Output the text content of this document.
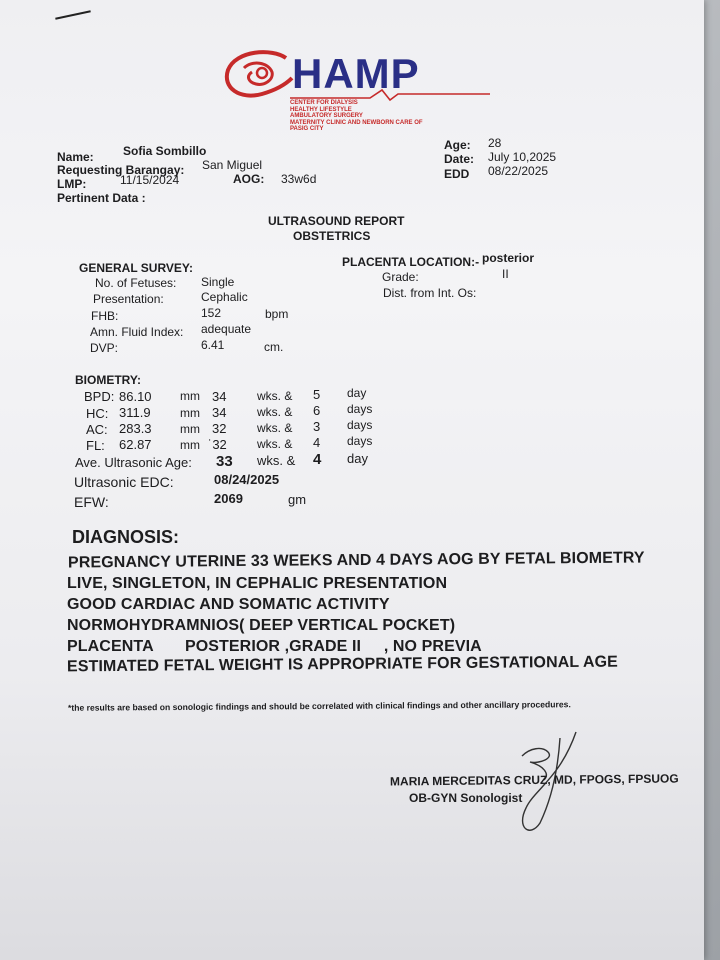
HAMP
CENTER FOR DIALYSIS
HEALTHY LIFESTYLE
AMBULATORY SURGERY
MATERNITY CLINIC AND NEWBORN CARE OF
PASIG CITY
Name: Sofia Sombillo
Requesting Barangay: San Miguel
LMP:	11/15/2024	AOG: 33w6d
Pertinent Data :
Age: 28
Date: July 10,2025
EDD 08/22/2025
ULTRASOUND REPORT
OBSTETRICS
GENERAL SURVEY:
No. of Fetuses: Single
Presentation:	Cephalic
FHB:	152	bpm
Amn. Fluid Index: adequate
DVP:	6.41	cm.
PLACENTA LOCATION:- posterior
Grade:	II
Dist. from Int. Os:
BIOMETRY:
BPD: 86.10 mm 34	wks. & 5 day
HC: 311.9 mm 34	wks. & 6 days
AC: 283.3 mm 32	wks. & 3 days
FL: 62.87 mm ˙32	wks. & 4 days
Ave. Ultrasonic Age: 33 wks. & 4 day
Ultrasonic EDC:	08/24/2025
EFW:	2069	gm
DIAGNOSIS:
PREGNANCY UTERINE 33 WEEKS AND 4 DAYS AOG BY FETAL BIOMETRY
LIVE, SINGLETON, IN CEPHALIC PRESENTATION
GOOD CARDIAC AND SOMATIC ACTIVITY
NORMOHYDRAMNIOS( DEEP VERTICAL POCKET)
PLACENTA       POSTERIOR ,GRADE II     , NO PREVIA
ESTIMATED FETAL WEIGHT IS APPROPRIATE FOR GESTATIONAL AGE
*the results are based on sonologic findings and should be correlated with clinical findings and other ancillary procedures.
MARIA MERCEDITAS CRUZ, MD, FPOGS, FPSUOG
OB-GYN Sonologist
